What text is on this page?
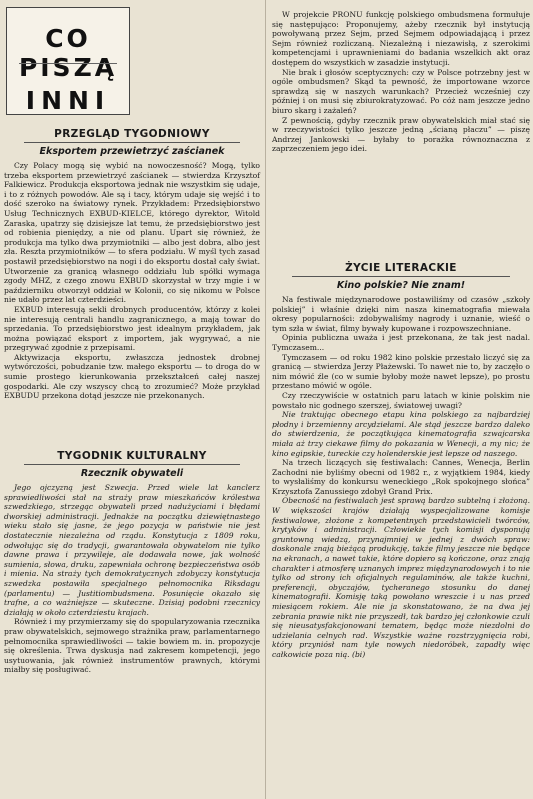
CO PISZĄ
INNI
PRZEGLĄD TYGODNIOWY
Eksportem przewietrzyć zaścianek

Czy Polacy mogą się wybić na nowoczesność? Mogą, tylko trzeba eksportem przewietrzyć zaścianek — stwierdza Krzysztof Falkiewicz. Produkcja eksportowa jednak nie wszystkim się udaje, i to z różnych powodów. Ale są i tacy, którym udaje się wejść i to dość szeroko na światowy rynek. Przykładem: Przedsiębiorstwo Usług Technicznych EXBUD-KIELCE, którego dyrektor, Witold Zaraska, upatrzy się dzisiejsze lat temu, że przedsiębiorstwo jest od robienia pieniędzy, a nie od planu. Upart się również, że produkcja ma tylko dwa przymiotniki — albo jest dobra, albo jest zła. Reszta przymiotników — to sfera podziału. W myśl tych zasad postawił przedsiębiorstwo na nogi i do eksportu dostał cały świat. Utworzenie za granicą własnego oddziału lub spółki wymaga zgody MHZ, z czego znowu EXBUD skorzystał w trzy mgie i w październiku otworzył oddział w Kolonii, co się nikomu w Polsce nie udało przez lat czterdzieści.

EXBUD interesują sekli drobnych producentów, którzy z kolei nie interesują centrali handlu zagranicznego, a mają towar do sprzedania. To przedsiębiorstwo jest idealnym przykładem, jak można powiązać eksport z importem, jak wygrywać, a nie przegrywać zgodnie z przepisami.

Aktywizacja eksportu, zwłaszcza jednostek drobnej wytwórczości, pobudzanie tzw. małego eksportu — to droga do w sumie prostego kierunkowania przekształceń całej naszej gospodarki. Ale czy wszyscy chcą to zrozumieć? Może przykład EXBUDU przekona dotąd jeszcze nie przekonanych.

TYGODNIK KULTURALNY
Rzecznik obywateli

Jego ojczyzną jest Szwecja. Przed wiele lat kanclerz sprawiedliwości stał na straży praw mieszkańców królestwa szwedzkiego, strzegąc obywateli przed nadużyciami i błędami dworskiej administracji. Jednakże na początku dziewiętnastego wieku stało się jasne, że jego pozycja w państwie nie jest dostatecznie niezależna od rządu. Konstytucja z 1809 roku, odwołując się do tradycji, gwarantowała obywatelom nie tylko dawne prawa i przywileje, ale dodawała nowe, jak wolność sumienia, słowa, druku, zapewniała ochronę bezpieczeństwa osób i mienia. Na straży tych demokratycznych zdobyczy konstytucja szwedzka postawiła specjalnego pełnomocnika Riksdagu (parlamentu) — Justitiombudsmena. Posunięcie okazało się trafne, a co ważniejsze — skuteczne. Dzisiaj podobni rzecznicy działają w około czterdziestu krajach.

Również i my przymierzamy się do spopularyzowania rzecznika praw obywatelskich, sejmowego strażnika praw, parlamentarnego pełnomocnika sprawiedliwości — takie bowiem m. in. propozycje się określenia. Trwa dyskusja nad zakresem kompetencji, jego usytuowania, jak również instrumentów prawnych, którymi miałby się posługiwać.

W projekcie PRONU funkcję polskiego ombudsmena formułuje się następująco: Proponujemy, ażeby rzecznik był instytucją powoływaną przez Sejm, przed Sejmem odpowiadającą i przez Sejm również rozliczaną. Niezależną i niezawisłą, z szerokimi kompetencjami i uprawnieniami do badania wszelkich akt oraz dostępem do wszystkich w zasadzie instytucji.

Nie brak i głosów sceptycznych: czy w Polsce potrzebny jest w ogóle ombudsmen? Skąd ta pewność, że importowane wzorce sprawdzą się w naszych warunkach? Przecież wcześniej czy później i on musi się zbiurokratyzować. Po cóż nam jeszcze jedno biuro skarg i zażaleń?

Z pewnością, gdyby rzecznik praw obywatelskich miał stać się w rzeczywistości tylko jeszcze jedną „ścianą płaczu” — piszę Andrzej Jankowski — byłaby to porażka równoznaczna z zaprzeczeniem jego idei.

ŻYCIE LITERACKIE
Kino polskie? Nie znam!

Na festiwale międzynarodowe postawiliśmy od czasów „szkoły polskiej” i właśnie dzięki nim nasza kinematografia miewała okresy popularności: zdobywaliśmy nagrody i uznanie, wieść o tym szła w świat, filmy bywały kupowane i rozpowszechniane.

Opinia publiczna uważa i jest przekonana, że tak jest nadal. Tymczasem...

Tymczasem — od roku 1982 kino polskie przestało liczyć się za granicą — stwierdza Jerzy Płażewski. To nawet nie to, by zaczęło o nim mówić źle (co w sumie byłoby może nawet lepsze), po prostu przestano mówić w ogóle.

Czy rzeczywiście w ostatnich paru latach w kinie polskim nie powstało nic godnego szerszej, światowej uwagi?

Nie traktując obecnego etapu kina polskiego za najbardziej płodny i brzemienny arcydziełami. Ale stąd jeszcze bardzo daleko do stwierdzenia, że początkująca kinematografia szwajcarska miała aż trzy ciekawe filmy do pokazania w Wenecji, a my nic; że kino egipskie, tureckie czy holenderskie jest lepsze od naszego.

Na trzech liczących się festiwalach: Cannes, Wenecja, Berlin Zachodni nie byliśmy obecni od 1982 r., z wyjątkiem 1984, kiedy to wysłaliśmy do konkursu weneckiego „Rok spokojnego słońca” Krzysztofa Zanussiego zdobył Grand Prix.

Obecność na festiwalach jest sprawą bardzo subtelną i złożoną. W większości krajów działają wyspecjalizowane komisje festiwalowe, złożone z kompetentnych przedstawicieli twórców, krytyków i administracji. Człowiekie tych komisji dysponują gruntowną wiedzą, przynajmniej w jednej z dwóch spraw: doskonale znają bieżącą produkcję, także filmy jeszcze nie będące na ekranach, a nawet takie, które dopiero są kończone, oraz znają charakter i atmosferę uznanych imprez międzynarodowych i to nie tylko od strony ich oficjalnych regulaminów, ale także kuchni, preferencji, obyczajów, tycheranego stosunku do danej kinematografii. Komisję taką powołano wreszcie i u nas przed miesiącem rokiem. Ale nie ja skonstatowano, że na dwa jej zebrania prawie nikt nie przyszedł, tak bardzo jej członkowie czuli się nieusatysfakcjonowani tematem, będąc może niezdolni do udzielania celnych rad. Wszystkie ważne rozstrzygnięcia robi, który przyniósł nam tyle nowych niedoróbek, zapadły więc całkowicie poza nią. (bi)
